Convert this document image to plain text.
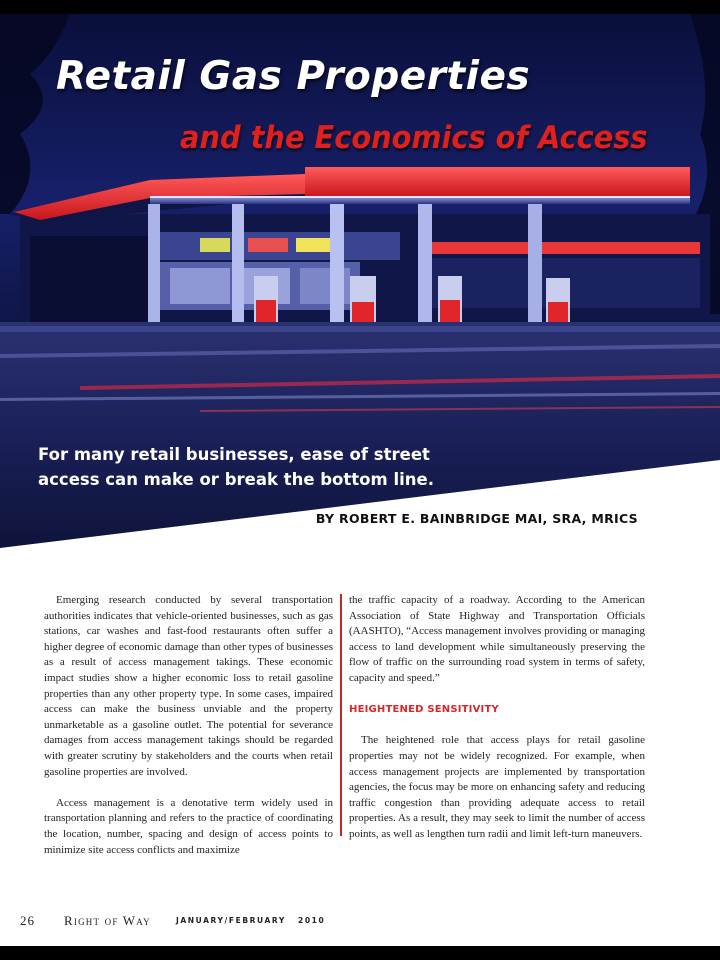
Retail Gas Properties
and the Economics of Access

For many retail businesses, ease of street access can make or break the bottom line.

BY ROBERT E. BAINBRIDGE MAI, SRA, MRICS

Emerging research conducted by several transportation authorities indicates that vehicle-oriented businesses, such as gas stations, car washes and fast-food restaurants often suffer a higher degree of economic damage than other types of businesses as a result of access management takings. These economic impact studies show a higher economic loss to retail gasoline properties than any other property type. In some cases, impaired access can make the business unviable and the property unmarketable as a gasoline outlet. The potential for severance damages from access management takings should be regarded with greater scrutiny by stakeholders and the courts when retail gasoline properties are involved.

Access management is a denotative term widely used in transportation planning and refers to the practice of coordinating the location, number, spacing and design of access points to minimize site access conflicts and maximize

the traffic capacity of a roadway. According to the American Association of State Highway and Transportation Officials (AASHTO), “Access management involves providing or managing access to land development while simultaneously preserving the flow of traffic on the surrounding road system in terms of safety, capacity and speed.”

HEIGHTENED SENSITIVITY

The heightened role that access plays for retail gasoline properties may not be widely recognized. For example, when access management projects are implemented by transportation agencies, the focus may be more on enhancing safety and reducing traffic congestion than providing adequate access to retail properties. As a result, they may seek to limit the number of access points, as well as lengthen turn radii and limit left-turn maneuvers.

26 Right of Way	JANUARY/FEBRUARY 2010
